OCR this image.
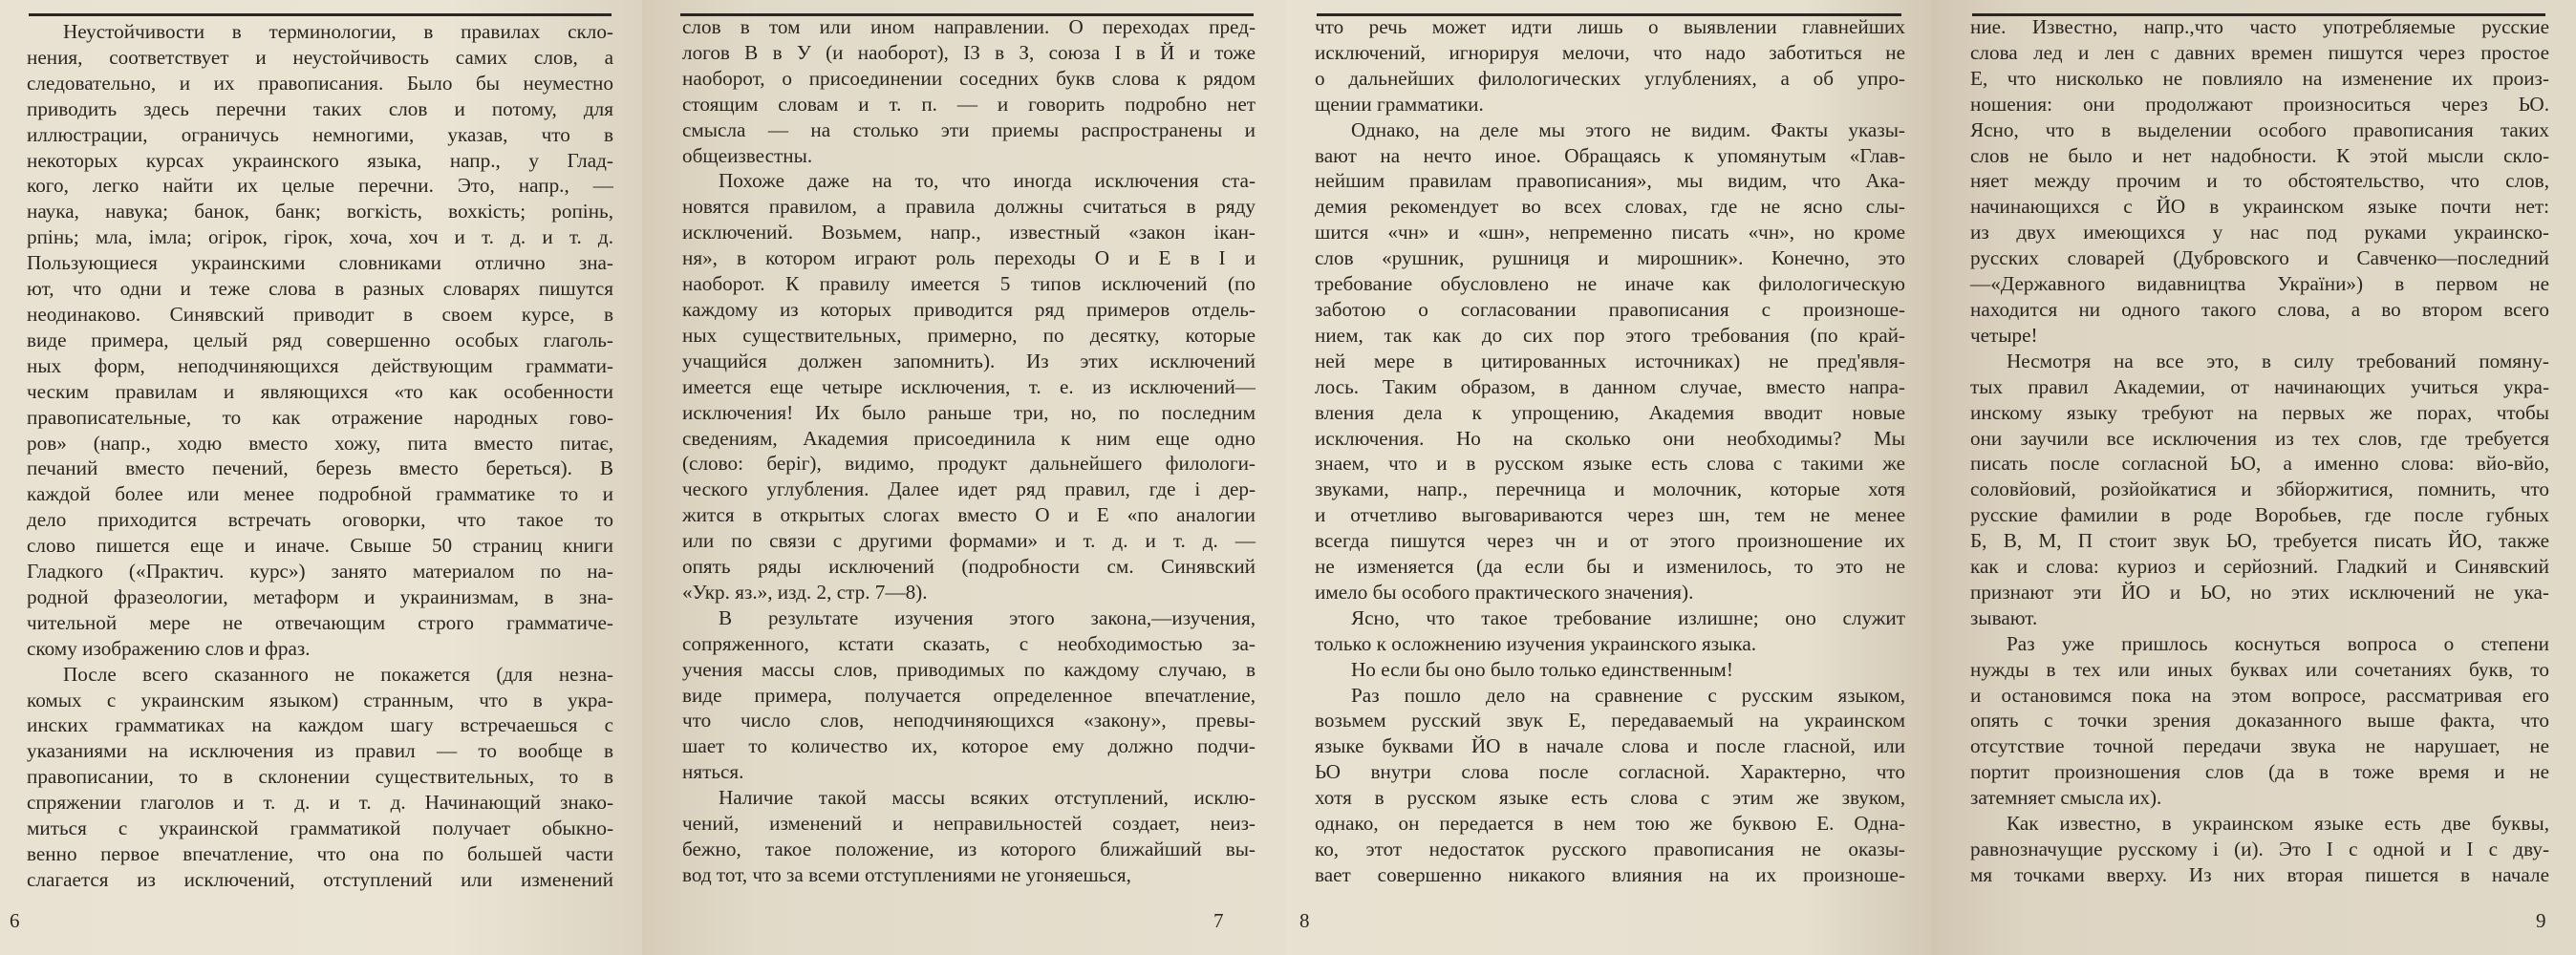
Неустойчивости в терминологии, в правилах скло-
нения, соответствует и неустойчивость самих слов, а
следовательно, и их правописания. Было бы неуместно
приводить здесь перечни таких слов и потому, для
иллюстрации, ограничусь немногими, указав, что в
некоторых курсах украинского языка, напр., у Глад-
кого, легко найти их целые перечни. Это, напр., —
наука, навука; банок, банк; вогкість, вохкість; ропінь,
рпінь; мла, імла; огірок, гірок, хоча, хоч и т. д. и т. д.
Пользующиеся украинскими словниками отлично зна-
ют, что одни и теже слова в разных словарях пишутся
неодинаково. Синявский приводит в своем курсе, в
виде примера, целый ряд совершенно особых глаголь-
ных форм, неподчиняющихся действующим граммати-
ческим правилам и являющихся «то как особенности
правописательные, то как отражение народных гово-
ров» (напр., ходю вместо хожу, пита вместо питає,
печаний вместо печений, березь вместо береться). В
каждой более или менее подробной грамматике то и
дело приходится встречать оговорки, что такое то
слово пишется еще и иначе. Свыше 50 страниц книги
Гладкого («Практич. курс») занято материалом по на-
родной фразеологии, метаформ и украинизмам, в зна-
чительной мере не отвечающим строго грамматиче-
скому изображению слов и фраз.
После всего сказанного не покажется (для незна-
комых с украинским языком) странным, что в укра-
инских грамматиках на каждом шагу встречаешься с
указаниями на исключения из правил — то вообще в
правописании, то в склонении существительных, то в
спряжении глаголов и т. д. и т. д. Начинающий знако-
миться с украинской грамматикой получает обыкно-
венно первое впечатление, что она по большей части
слагается из исключений, отступлений или изменений
6
слов в том или ином направлении. О переходах пред-
логов В в У (и наоборот), ІЗ в З, союза І в Й и тоже
наоборот, о присоединении соседних букв слова к рядом
стоящим словам и т. п. — и говорить подробно нет
смысла — на столько эти приемы распространены и
общеизвестны.
Похоже даже на то, что иногда исключения ста-
новятся правилом, а правила должны считаться в ряду
исключений. Возьмем, напр., известный «закон ікан-
ня», в котором играют роль переходы О и Е в І и
наоборот. К правилу имеется 5 типов исключений (по
каждому из которых приводится ряд примеров отдель-
ных существительных, примерно, по десятку, которые
учащийся должен запомнить). Из этих исключений
имеется еще четыре исключения, т. е. из исключений—
исключения! Их было раньше три, но, по последним
сведениям, Академия присоединила к ним еще одно
(слово: беріг), видимо, продукт дальнейшего филологи-
ческого углубления. Далее идет ряд правил, где і дер-
жится в открытых слогах вместо О и Е «по аналогии
или по связи с другими формами» и т. д. и т. д. —
опять ряды исключений (подробности см. Синявский
«Укр. яз.», изд. 2, стр. 7—8).
В результате изучения этого закона,—изучения,
сопряженного, кстати сказать, с необходимостью за-
учения массы слов, приводимых по каждому случаю, в
виде примера, получается определенное впечатление,
что число слов, неподчиняющихся «закону», превы-
шает то количество их, которое ему должно подчи-
няться.
Наличие такой массы всяких отступлений, исклю-
чений, изменений и неправильностей создает, неиз-
бежно, такое положение, из которого ближайший вы-
вод тот, что за всеми отступлениями не угоняешься,
7
что речь может идти лишь о выявлении главнейших
исключений, игнорируя мелочи, что надо заботиться не
о дальнейших филологических углублениях, а об упро-
щении грамматики.
Однако, на деле мы этого не видим. Факты указы-
вают на нечто иное. Обращаясь к упомянутым «Глав-
нейшим правилам правописания», мы видим, что Ака-
демия рекомендует во всех словах, где не ясно слы-
шится «чн» и «шн», непременно писать «чн», но кроме
слов «рушник, рушниця и мирошник». Конечно, это
требование обусловлено не иначе как филологическую
заботою о согласовании правописания с произноше-
нием, так как до сих пор этого требования (по край-
ней мере в цитированных источниках) не пред'явля-
лось. Таким образом, в данном случае, вместо напра-
вления дела к упрощению, Академия вводит новые
исключения. Но на сколько они необходимы? Мы
знаем, что и в русском языке есть слова с такими же
звуками, напр., перечница и молочник, которые хотя
и отчетливо выговариваются через шн, тем не менее
всегда пишутся через чн и от этого произношение их
не изменяется (да если бы и изменилось, то это не
имело бы особого практического значения).
Ясно, что такое требование излишне; оно служит
только к осложнению изучения украинского языка.
Но если бы оно было только единственным!
Раз пошло дело на сравнение с русским языком,
возьмем русский звук Е, передаваемый на украинском
языке буквами ЙО в начале слова и после гласной, или
ЬО внутри слова после согласной. Характерно, что
хотя в русском языке есть слова с этим же звуком,
однако, он передается в нем тою же буквою Е. Одна-
ко, этот недостаток русского правописания не оказы-
вает совершенно никакого влияния на их произноше-
8
ние. Известно, напр.,что часто употребляемые русские
слова лед и лен с давних времен пишутся через простое
Е, что нисколько не повлияло на изменение их произ-
ношения: они продолжают произноситься через ЬО.
Ясно, что в выделении особого правописания таких
слов не было и нет надобности. К этой мысли скло-
няет между прочим и то обстоятельство, что слов,
начинающихся с ЙО в украинском языке почти нет:
из двух имеющихся у нас под руками украинско-
русских словарей (Дубровского и Савченко—последний
—«Державного видавництва України») в первом не
находится ни одного такого слова, а во втором всего
четыре!
Несмотря на все это, в силу требований помяну-
тых правил Академии, от начинающих учиться укра-
инскому языку требуют на первых же порах, чтобы
они заучили все исключения из тех слов, где требуется
писать после согласной ЬО, а именно слова: вйо-вйо,
соловйовий, розйойкатися и збйоржитися, помнить, что
русские фамилии в роде Воробьев, где после губных
Б, В, М, П стоит звук ЬО, требуется писать ЙО, также
как и слова: куриоз и серйозний. Гладкий и Синявский
признают эти ЙО и ЬО, но этих исключений не ука-
зывают.
Раз уже пришлось коснуться вопроса о степени
нужды в тех или иных буквах или сочетаниях букв, то
и остановимся пока на этом вопросе, рассматривая его
опять с точки зрения доказанного выше факта, что
отсутствие точной передачи звука не нарушает, не
портит произношения слов (да в тоже время и не
затемняет смысла их).
Как известно, в украинском языке есть две буквы,
равнозначущие русскому і (и). Это І с одной и І с дву-
мя точками вверху. Из них вторая пишется в начале
9
